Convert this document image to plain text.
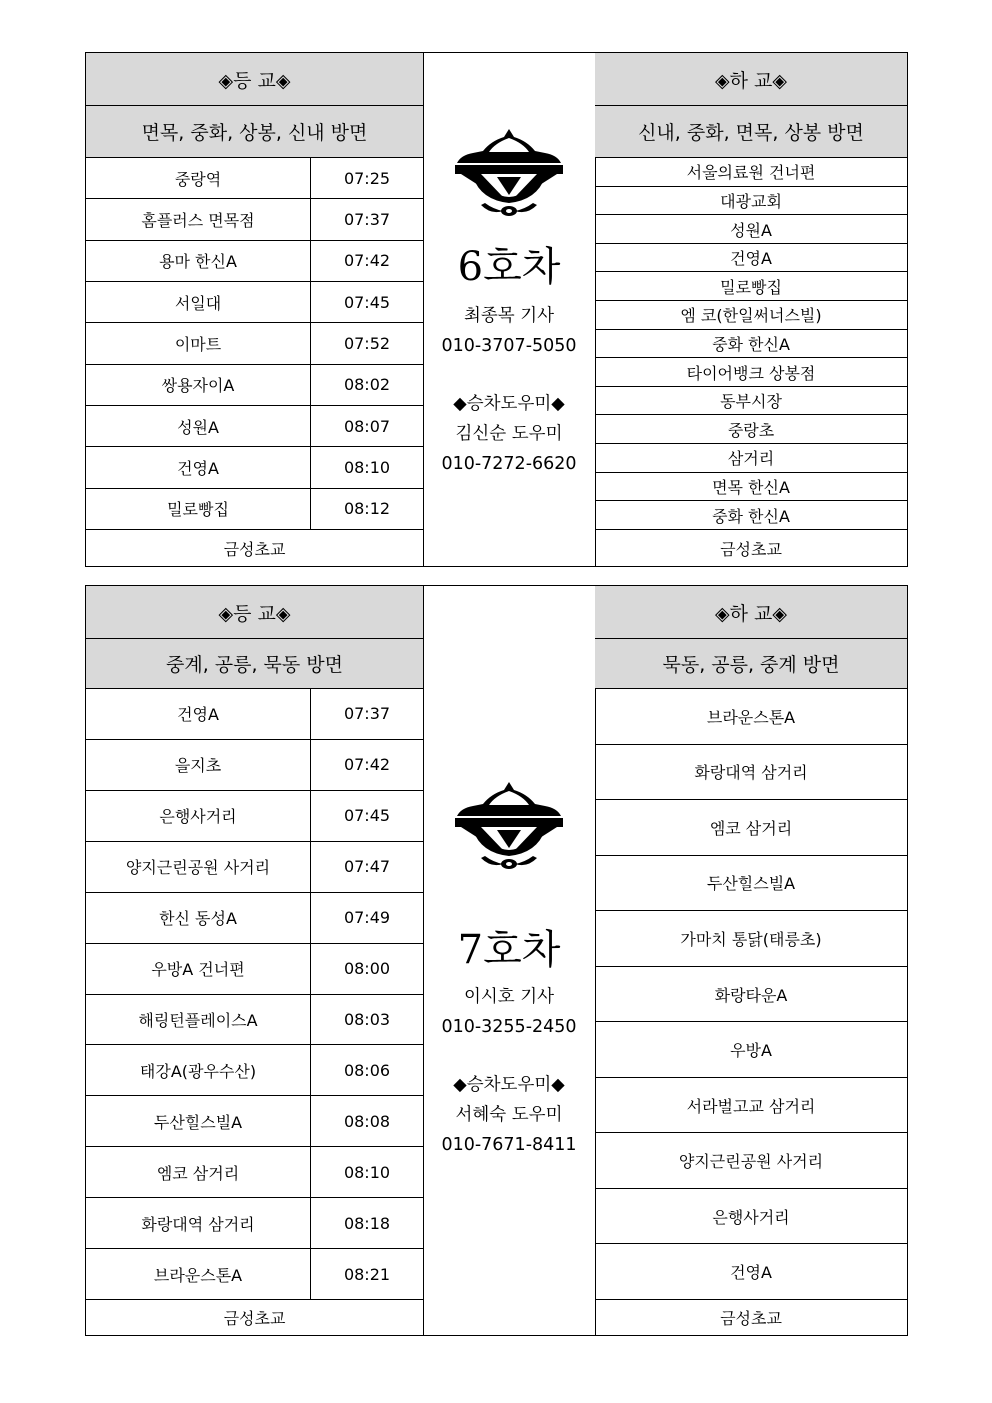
◈등 교◈
면목, 중화, 상봉, 신내 방면
중랑역	07:25
홈플러스 면목점	07:37
용마 한신A	07:42
서일대	07:45
이마트	07:52
쌍용자이A	08:02
성원A	08:07
건영A	08:10
밀로빵집	08:12
금성초교
6호차
최종목 기사
010-3707-5050
◆승차도우미◆
김신순 도우미
010-7272-6620
◈하 교◈
신내, 중화, 면목, 상봉 방면
서울의료원 건너편
대광교회
성원A
건영A
밀로빵집
엠 코(한일써너스빌)
중화 한신A
타이어뱅크 상봉점
동부시장
중랑초
삼거리
면목 한신A
중화 한신A
금성초교
◈등 교◈
중계, 공릉, 묵동 방면
건영A	07:37
을지초	07:42
은행사거리	07:45
양지근린공원 사거리	07:47
한신 동성A	07:49
우방A 건너편	08:00
해링턴플레이스A	08:03
태강A(광우수산)	08:06
두산힐스빌A	08:08
엠코 삼거리	08:10
화랑대역 삼거리	08:18
브라운스톤A	08:21
금성초교
7호차
이시호 기사
010-3255-2450
◆승차도우미◆
서혜숙 도우미
010-7671-8411
◈하 교◈
묵동, 공릉, 중계 방면
브라운스톤A
화랑대역 삼거리
엠코 삼거리
두산힐스빌A
가마치 통닭(태릉초)
화랑타운A
우방A
서라벌고교 삼거리
양지근린공원 사거리
은행사거리
건영A
금성초교
